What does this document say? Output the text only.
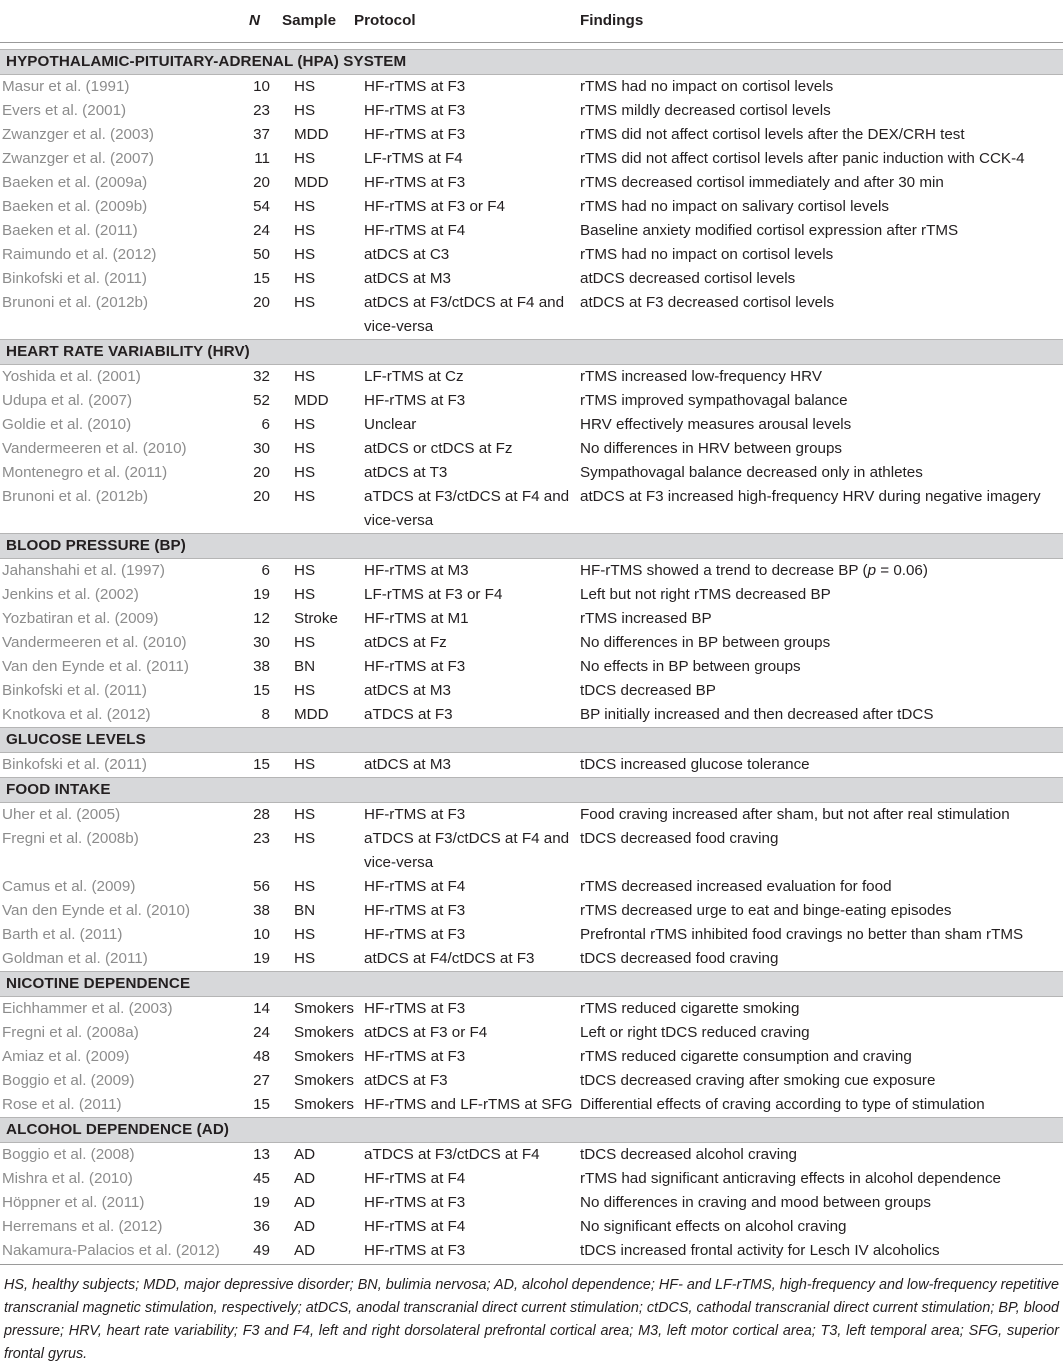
	N	Sample	Protocol	Findings

HYPOTHALAMIC-PITUITARY-ADRENAL (HPA) SYSTEM				
Masur et al. (1991)	10	HS	HF-rTMS at F3	rTMS had no impact on cortisol levels
Evers et al. (2001)	23	HS	HF-rTMS at F3	rTMS mildly decreased cortisol levels
Zwanzger et al. (2003)	37	MDD	HF-rTMS at F3	rTMS did not affect cortisol levels after the DEX/CRH test
Zwanzger et al. (2007)	11	HS	LF-rTMS at F4	rTMS did not affect cortisol levels after panic induction with CCK-4
Baeken et al. (2009a)	20	MDD	HF-rTMS at F3	rTMS decreased cortisol immediately and after 30 min
Baeken et al. (2009b)	54	HS	HF-rTMS at F3 or F4	rTMS had no impact on salivary cortisol levels
Baeken et al. (2011)	24	HS	HF-rTMS at F4	Baseline anxiety modified cortisol expression after rTMS
Raimundo et al. (2012)	50	HS	atDCS at C3	rTMS had no impact on cortisol levels
Binkofski et al. (2011)	15	HS	atDCS at M3	atDCS decreased cortisol levels
Brunoni et al. (2012b)	20	HS	atDCS at F3/ctDCS at F4 and vice-versa	atDCS at F3 decreased cortisol levels
HEART RATE VARIABILITY (HRV)				
Yoshida et al. (2001)	32	HS	LF-rTMS at Cz	rTMS increased low-frequency HRV
Udupa et al. (2007)	52	MDD	HF-rTMS at F3	rTMS improved sympathovagal balance
Goldie et al. (2010)	6	HS	Unclear	HRV effectively measures arousal levels
Vandermeeren et al. (2010)	30	HS	atDCS or ctDCS at Fz	No differences in HRV between groups
Montenegro et al. (2011)	20	HS	atDCS at T3	Sympathovagal balance decreased only in athletes
Brunoni et al. (2012b)	20	HS	aTDCS at F3/ctDCS at F4 and vice-versa	atDCS at F3 increased high-frequency HRV during negative imagery
BLOOD PRESSURE (BP)				
Jahanshahi et al. (1997)	6	HS	HF-rTMS at M3	HF-rTMS showed a trend to decrease BP (p = 0.06)
Jenkins et al. (2002)	19	HS	LF-rTMS at F3 or F4	Left but not right rTMS decreased BP
Yozbatiran et al. (2009)	12	Stroke	HF-rTMS at M1	rTMS increased BP
Vandermeeren et al. (2010)	30	HS	atDCS at Fz	No differences in BP between groups
Van den Eynde et al. (2011)	38	BN	HF-rTMS at F3	No effects in BP between groups
Binkofski et al. (2011)	15	HS	atDCS at M3	tDCS decreased BP
Knotkova et al. (2012)	8	MDD	aTDCS at F3	BP initially increased and then decreased after tDCS
GLUCOSE LEVELS				
Binkofski et al. (2011)	15	HS	atDCS at M3	tDCS increased glucose tolerance
FOOD INTAKE				
Uher et al. (2005)	28	HS	HF-rTMS at F3	Food craving increased after sham, but not after real stimulation
Fregni et al. (2008b)	23	HS	aTDCS at F3/ctDCS at F4 and vice-versa	tDCS decreased food craving
Camus et al. (2009)	56	HS	HF-rTMS at F4	rTMS decreased increased evaluation for food
Van den Eynde et al. (2010)	38	BN	HF-rTMS at F3	rTMS decreased urge to eat and binge-eating episodes
Barth et al. (2011)	10	HS	HF-rTMS at F3	Prefrontal rTMS inhibited food cravings no better than sham rTMS
Goldman et al. (2011)	19	HS	atDCS at F4/ctDCS at F3	tDCS decreased food craving
NICOTINE DEPENDENCE				
Eichhammer et al. (2003)	14	Smokers	HF-rTMS at F3	rTMS reduced cigarette smoking
Fregni et al. (2008a)	24	Smokers	atDCS at F3 or F4	Left or right tDCS reduced craving
Amiaz et al. (2009)	48	Smokers	HF-rTMS at F3	rTMS reduced cigarette consumption and craving
Boggio et al. (2009)	27	Smokers	atDCS at F3	tDCS decreased craving after smoking cue exposure
Rose et al. (2011)	15	Smokers	HF-rTMS and LF-rTMS at SFG	Differential effects of craving according to type of stimulation
ALCOHOL DEPENDENCE (AD)				
Boggio et al. (2008)	13	AD	aTDCS at F3/ctDCS at F4	tDCS decreased alcohol craving
Mishra et al. (2010)	45	AD	HF-rTMS at F4	rTMS had significant anticraving effects in alcohol dependence
Höppner et al. (2011)	19	AD	HF-rTMS at F3	No differences in craving and mood between groups
Herremans et al. (2012)	36	AD	HF-rTMS at F4	No significant effects on alcohol craving
Nakamura-Palacios et al. (2012)	49	AD	HF-rTMS at F3	tDCS increased frontal activity for Lesch IV alcoholics
HS, healthy subjects; MDD, major depressive disorder; BN, bulimia nervosa; AD, alcohol dependence; HF- and LF-rTMS, high-frequency and low-frequency repetitive transcranial magnetic stimulation, respectively; atDCS, anodal transcranial direct current stimulation; ctDCS, cathodal transcranial direct current stimulation; BP, blood pressure; HRV, heart rate variability; F3 and F4, left and right dorsolateral prefrontal cortical area; M3, left motor cortical area; T3, left temporal area; SFG, superior frontal gyrus.
